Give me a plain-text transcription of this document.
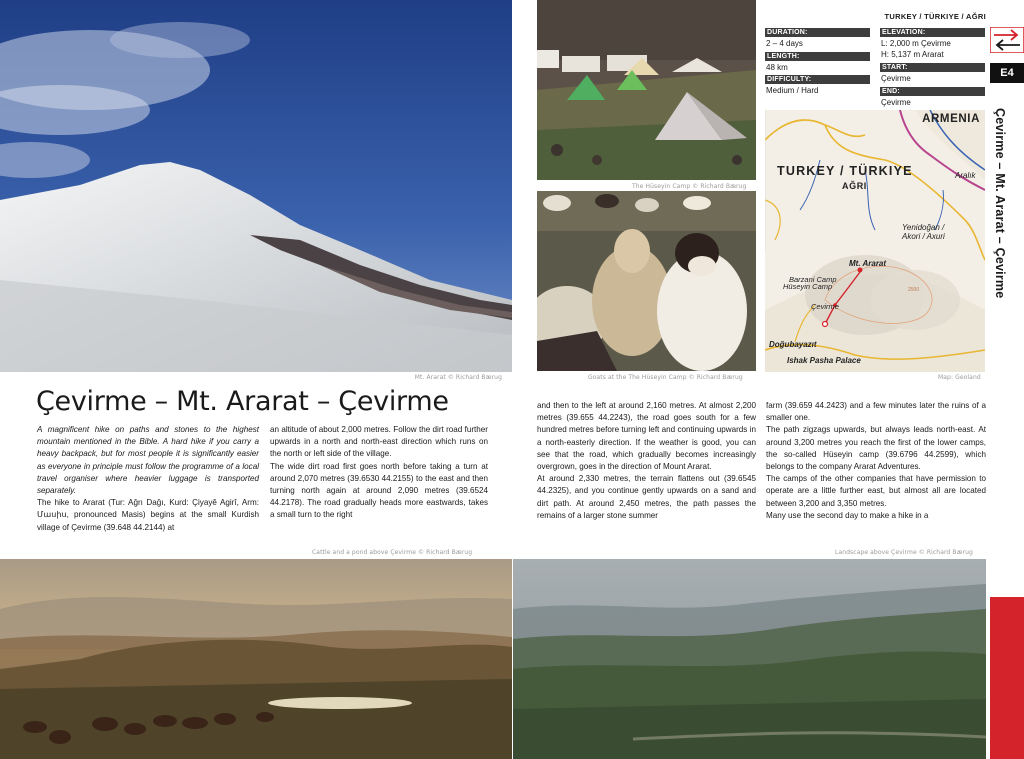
Mt. Ararat © Richard Bærug
The Hüseyin Camp © Richard Bærug
Goats at the The Hüseyin Camp © Richard Bærug
TURKEY / TÜRKIYE / AĞRI
DURATION:
2 – 4 days
LENGTH:
48 km
DIFFICULTY:
Medium / Hard
ELEVATION:
L: 2,000 m Çevirme
H: 5,137 m Ararat
START:
Çevirme
END:
Çevirme
E4
Çevirme – Mt. Ararat – Çevirme
ARMENIA
TURKEY / TÜRKIYE
AĞRI
Aralık
Yenidoğan /
Akori / Axuri
Mt. Ararat
Barzani Camp
Hüseyin Camp
Çevirme
2500
Doğubayazıt
Ishak Pasha Palace
Map: Geoland
Çevirme – Mt. Ararat – Çevirme

A magnificent hike on paths and stones to the highest mountain mentioned in the Bible. A hard hike if you carry a heavy backpack, but for most people it is significantly easier as everyone in principle must follow the programme of a local travel organiser where heavier luggage is transported separately.

The hike to Ararat (Tur: Ağrı Dağı, Kurd: Çiyayê Agirî, Arm: Մասիս, pronounced Masis) begins at the small Kurdish village of Çevirme (39.648 44.2144) at

an altitude of about 2,000 metres. Follow the dirt road further upwards in a north and north-east direction which runs on the north or left side of the village.

The wide dirt road first goes north before taking a turn at around 2,070 metres (39.6530 44.2155) to the east and then turning north again at around 2,090 metres (39.6524 44.2178). The road gradually heads more eastwards, takes a small turn to the right

and then to the left at around 2,160 metres. At almost 2,200 metres (39.655 44.2243), the road goes south for a few hundred metres before turning left and continuing upwards in a north-easterly direction. If the weather is good, you can see that the road, which gradually becomes increasingly overgrown, goes in the direction of Mount Ararat.

At around 2,330 metres, the terrain flattens out (39.6545 44.2325), and you continue gently upwards on a sand and dirt path. At around 2,450 metres, the path passes the remains of a larger stone summer

farm (39.659 44.2423) and a few minutes later the ruins of a smaller one.

The path zigzags upwards, but always leads north-east. At around 3,200 metres you reach the first of the lower camps, the so-called Hüseyin camp (39.6796 44.2599), which belongs to the company Ararat Adventures.

The camps of the other companies that have permission to operate are a little further east, but almost all are located between 3,200 and 3,350 metres.

Many use the second day to make a hike in a

Cattle and a pond above Çevirme © Richard Bærug	Landscape above Çevirme © Richard Bærug
